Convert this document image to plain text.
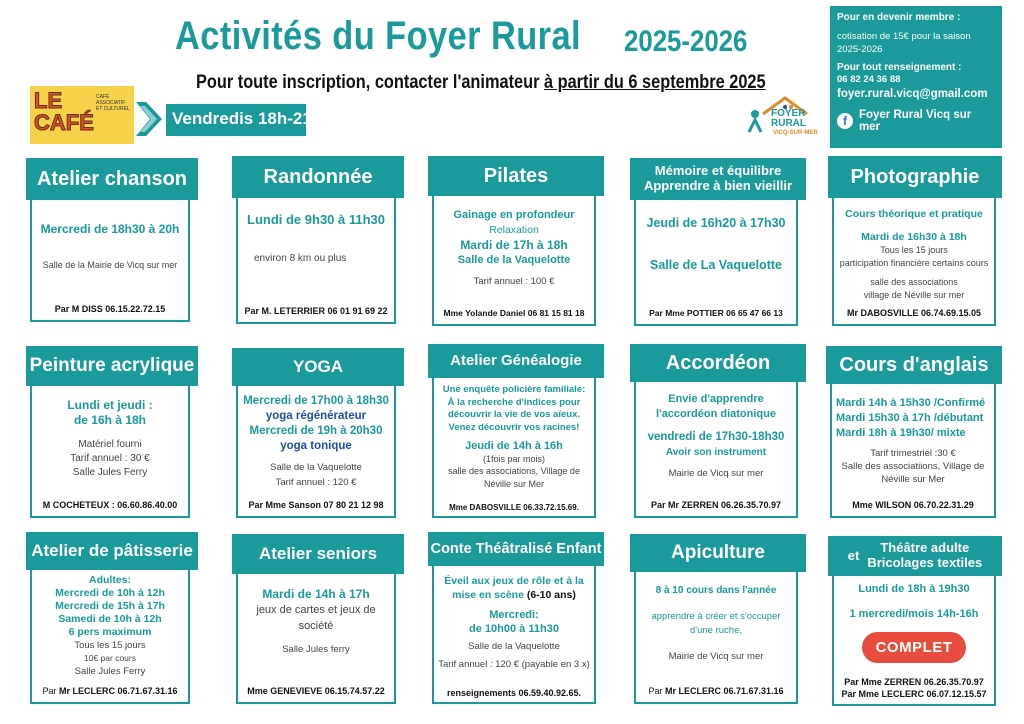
Activités du Foyer Rural 2025-2026
Pour toute inscription, contacter l'animateur à partir du 6 septembre 2025
LE CAFÉ
CAFÉ ASSOCIATIF ET CULTUREL	Vendredis 18h-21h	FOYER RURAL
VICQ-SUR-MER
Pour en devenir membre :
cotisation de 15€ pour la saison 2025-2026
Pour tout renseignement :
06 82 24 36 88
foyer.rural.vicq@gmail.com
f	Foyer Rural Vicq sur mer
Atelier chanson
Mercredi de 18h30 à 20h
Salle de la Mairie de Vicq sur mer
Par M DISS 06.15.22.72.15
Randonnée
Lundi de 9h30 à 11h30
environ 8 km ou plus
Par M. LETERRIER 06 01 91 69 22
Pilates
Gainage en profondeur
Relaxation
Mardi de 17h à 18h
Salle de la Vaquelotte
Tarif annuel : 100 €
Mme Yolande Daniel 06 81 15 81 18
Mémoire et équilibre
Apprendre à bien vieillir
Jeudi de 16h20 à 17h30
Salle de La Vaquelotte
Par Mme POTTIER 06 65 47 66 13
Photographie
Cours théorique et pratique
Mardi de 16h30 à 18h
Tous les 15 jours
participation financière certains cours
salle des associations
village de Néville sur mer
Mr DABOSVILLE 06.74.69.15.05
Peinture acrylique
Lundi et jeudi :
de 16h à 18h
Matériel fourni
Tarif annuel : 30 €
Salle Jules Ferry
M COCHETEUX : 06.60.86.40.00
YOGA
Mercredi de 17h00 à 18h30
yoga régénérateur
Mercredi de 19h à 20h30
yoga tonique
Salle de la Vaquelotte
Tarif annuel : 120 €
Par Mme Sanson 07 80 21 12 98
Atelier Généalogie
Une enquête policière familiale:
À la recherche d'indices pour
découvrir la vie de vos aïeux.
Venez découvrir vos racines!
Jeudi de 14h à 16h
(1fois par mois)
salle des associations, Village de
Néville sur Mer
Mme DABOSVILLE 06.33.72.15.69.
Accordéon
Envie d'apprendre
l'accordéon diatonique
vendredi de 17h30-18h30
Avoir son instrument
Mairie de Vicq sur mer
Par Mr ZERREN 06.26.35.70.97
Cours d'anglais
Mardi 14h à 15h30 /Confirmé
Mardi 15h30 à 17h /débutant
Mardi 18h à 19h30/ mixte
Tarif trimestriel :30 €
Salle des associatiions, Village de
Néville sur Mer
Mme WILSON 06.70.22.31.29
Atelier de pâtisserie
Adultes:
Mercredi de 10h à 12h
Mercredi de 15h à 17h
Samedi de 10h à 12h
6 pers maximum
Tous les 15 jours
10€ par cours
Salle Jules Ferry
Par Mr LECLERC 06.71.67.31.16
Atelier seniors
Mardi de 14h à 17h
jeux de cartes et jeux de
société
Salle Jules ferry
Mme GENEVIEVE 06.15.74.57.22
Conte Théâtralisé Enfant
Éveil aux jeux de rôle et à la
mise en scène (6-10 ans)
Mercredi:
de 10h00 à 11h30
Salle de la Vaquelotte
Tarif annuel : 120 € (payable en 3 x)
renseignements 06.59.40.92.65.
Apiculture
8 à 10 cours dans l'année
apprendre à créer et s'occuper
d'une ruche,
Mairie de Vicq sur mer
Par Mr LECLERC 06.71.67.31.16
et	Théâtre adulte
Bricolages textiles
Lundi de 18h à 19h30
1 mercredi/mois 14h-16h
COMPLET
Par Mme ZERREN 06.26.35.70.97
Par Mme LECLERC 06.07.12.15.57
